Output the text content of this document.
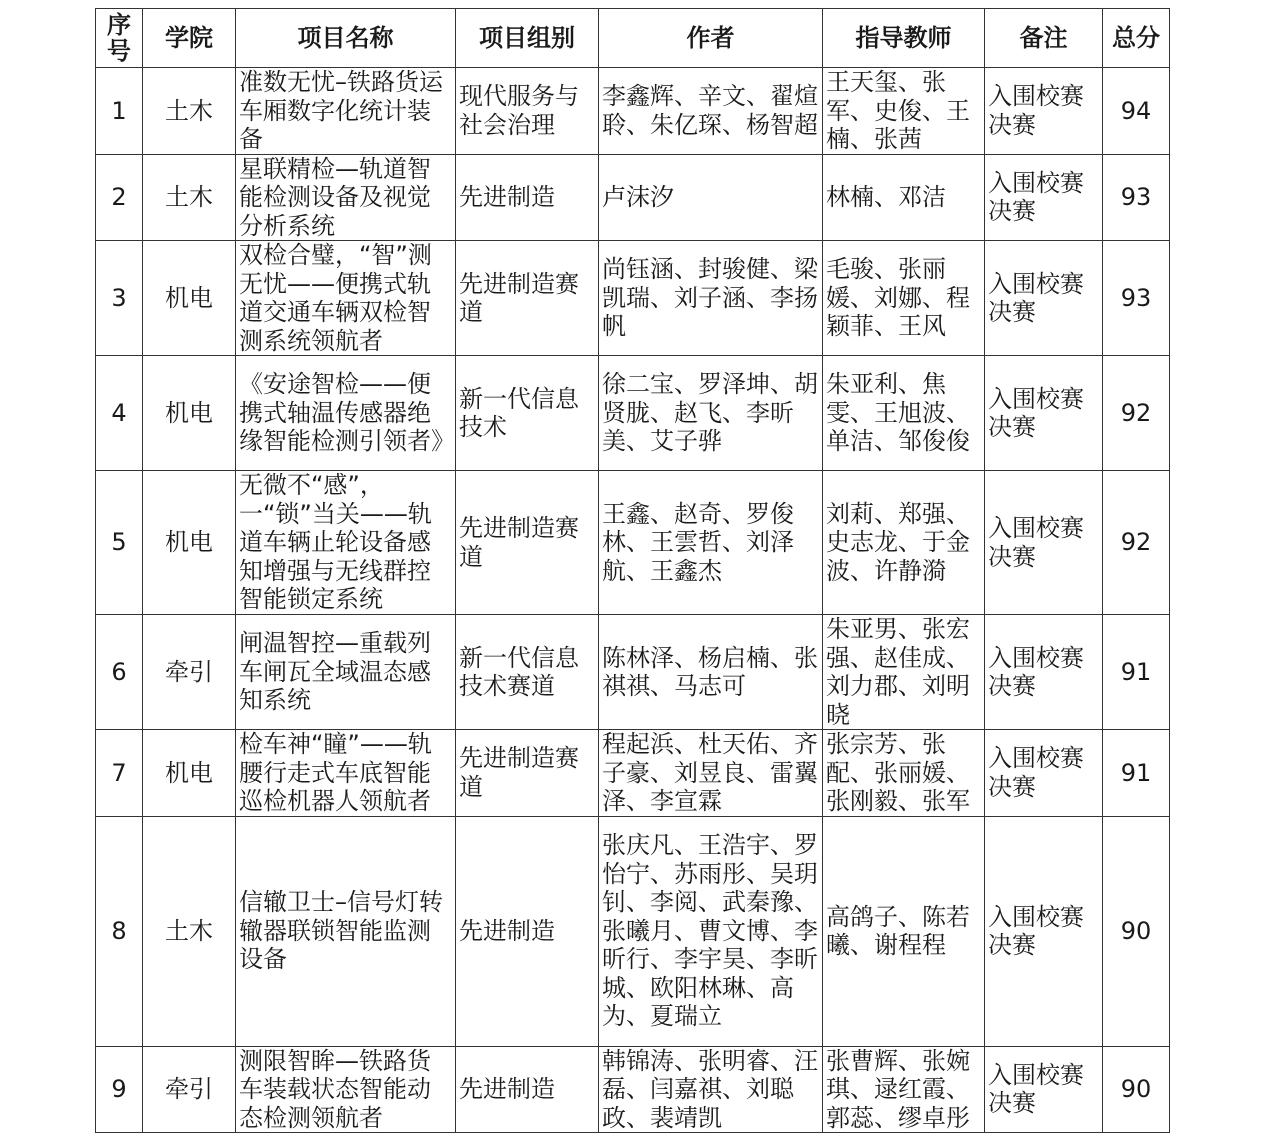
序号	学院	项目名称	项目组别	作者	指导教师	备注	总分
1	土木	准数无忧–铁路货运车厢数字化统计装备	现代服务与社会治理	李鑫辉、辛文、翟煊聆、朱亿琛、杨智超	王天玺、张军、史俊、王楠、张茜	入围校赛决赛	94
2	土木	星联精检—轨道智能检测设备及视觉分析系统	先进制造	卢沫汐	林楠、邓洁	入围校赛决赛	93
3	机电	双检合璧，“智”测无忧——便携式轨道交通车辆双检智测系统领航者	先进制造赛道	尚钰涵、封骏健、梁凯瑞、刘子涵、李扬帆	毛骏、张丽媛、刘娜、程颖菲、王风	入围校赛决赛	93
4	机电	《安途智检——便携式轴温传感器绝缘智能检测引领者》	新一代信息技术	徐二宝、罗泽坤、胡贤胧、赵飞、李昕美、艾子骅	朱亚利、焦雯、王旭波、单洁、邹俊俊	入围校赛决赛	92
5	机电	无微不“感”，一“锁”当关——轨道车辆止轮设备感知增强与无线群控智能锁定系统	先进制造赛道	王鑫、赵奇、罗俊林、王雲哲、刘泽航、王鑫杰	刘莉、郑强、史志龙、于金波、许静漪	入围校赛决赛	92
6	牵引	闸温智控—重载列车闸瓦全域温态感知系统	新一代信息技术赛道	陈林泽、杨启楠、张祺祺、马志可	朱亚男、张宏强、赵佳成、刘力郡、刘明晓	入围校赛决赛	91
7	机电	检车神“瞳”——轨腰行走式车底智能巡检机器人领航者	先进制造赛道	程起浜、杜天佑、齐子豪、刘昱良、雷翼泽、李宣霖	张宗芳、张配、张丽媛、张刚毅、张军	入围校赛决赛	91
8	土木	信辙卫士–信号灯转辙器联锁智能监测设备	先进制造	张庆凡、王浩宇、罗怡宁、苏雨彤、吴玥钊、李阅、武秦豫、张曦月、曹文博、李昕行、李宇昊、李昕城、欧阳林琳、高为、夏瑞立	高鸽子、陈若曦、谢程程	入围校赛决赛	90
9	牵引	测限智眸—铁路货车装载状态智能动态检测领航者	先进制造	韩锦涛、张明睿、汪磊、闫嘉祺、刘聪政、裴靖凯	张曹辉、张婉琪、逯红霞、郭蕊、缪卓彤	入围校赛决赛	90
